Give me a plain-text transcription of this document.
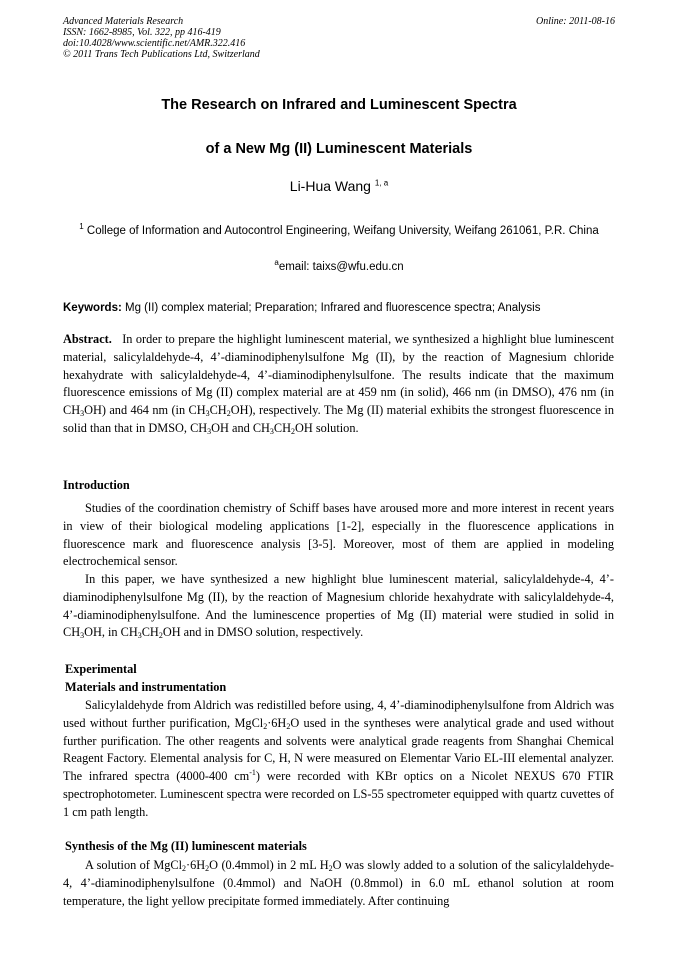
Advanced Materials Research
ISSN: 1662-8985, Vol. 322, pp 416-419
doi:10.4028/www.scientific.net/AMR.322.416
© 2011 Trans Tech Publications Ltd, Switzerland
Online: 2011-08-16
The Research on Infrared and Luminescent Spectra
of a New Mg (II) Luminescent Materials
Li-Hua Wang $^{1, a}$
$^1$ College of Information and Autocontrol Engineering, Weifang University, Weifang 261061, P.R. China
$^a$email: taixs@wfu.edu.cn
Keywords: Mg (II) complex material; Preparation; Infrared and fluorescence spectra; Analysis
Abstract. In order to prepare the highlight luminescent material, we synthesized a highlight blue luminescent material, salicylaldehyde-4, 4’-diaminodiphenylsulfone Mg (II), by the reaction of Magnesium chloride hexahydrate with salicylaldehyde-4, 4’-diaminodiphenylsulfone. The results indicate that the maximum fluorescence emissions of Mg (II) complex material are at 459 nm (in solid), 466 nm (in DMSO), 476 nm (in $CH_3OH$) and 464 nm (in $CH_3CH_2OH$), respectively. The Mg (II) material exhibits the strongest fluorescence in solid than that in DMSO, $CH_3OH$ and $CH_3CH_2OH$ solution.
Introduction

Studies of the coordination chemistry of Schiff bases have aroused more and more interest in recent years in view of their biological modeling applications [1-2], especially in the fluorescence applications in fluorescence mark and fluorescence analysis [3-5]. Moreover, most of them are applied in modeling electrochemical sensor.

In this paper, we have synthesized a new highlight blue luminescent material, salicylaldehyde-4, 4’-diaminodiphenylsulfone Mg (II), by the reaction of Magnesium chloride hexahydrate with salicylaldehyde-4, 4’-diaminodiphenylsulfone. And the luminescence properties of Mg (II) material were studied in solid in $CH_3OH$, in $CH_3CH_2OH$ and in DMSO solution, respectively.

Experimental
Materials and instrumentation

Salicylaldehyde from Aldrich was redistilled before using, 4, 4’-diaminodiphenylsulfone from Aldrich was used without further purification, $MgCl_2\cdot 6H_2O$ used in the syntheses were analytical grade and used without further purification. The other reagents and solvents were analytical grade reagents from Shanghai Chemical Reagent Factory. Elemental analysis for C, H, N were measured on Elementar Vario EL-III elemental analyzer. The infrared spectra (4000-400 $cm^{-1}$) were recorded with KBr optics on a Nicolet NEXUS 670 FTIR spectrophotometer. Luminescent spectra were recorded on LS-55 spectrometer equipped with quartz cuvettes of 1 cm path length.

Synthesis of the Mg (II) luminescent materials

A solution of $MgCl_2\cdot 6H_2O$ (0.4mmol) in 2 mL $H_2O$ was slowly added to a solution of the salicylaldehyde-4, 4’-diaminodiphenylsulfone (0.4mmol) and NaOH (0.8mmol) in 6.0 mL ethanol solution at room temperature, the light yellow precipitate formed immediately. After continuing
